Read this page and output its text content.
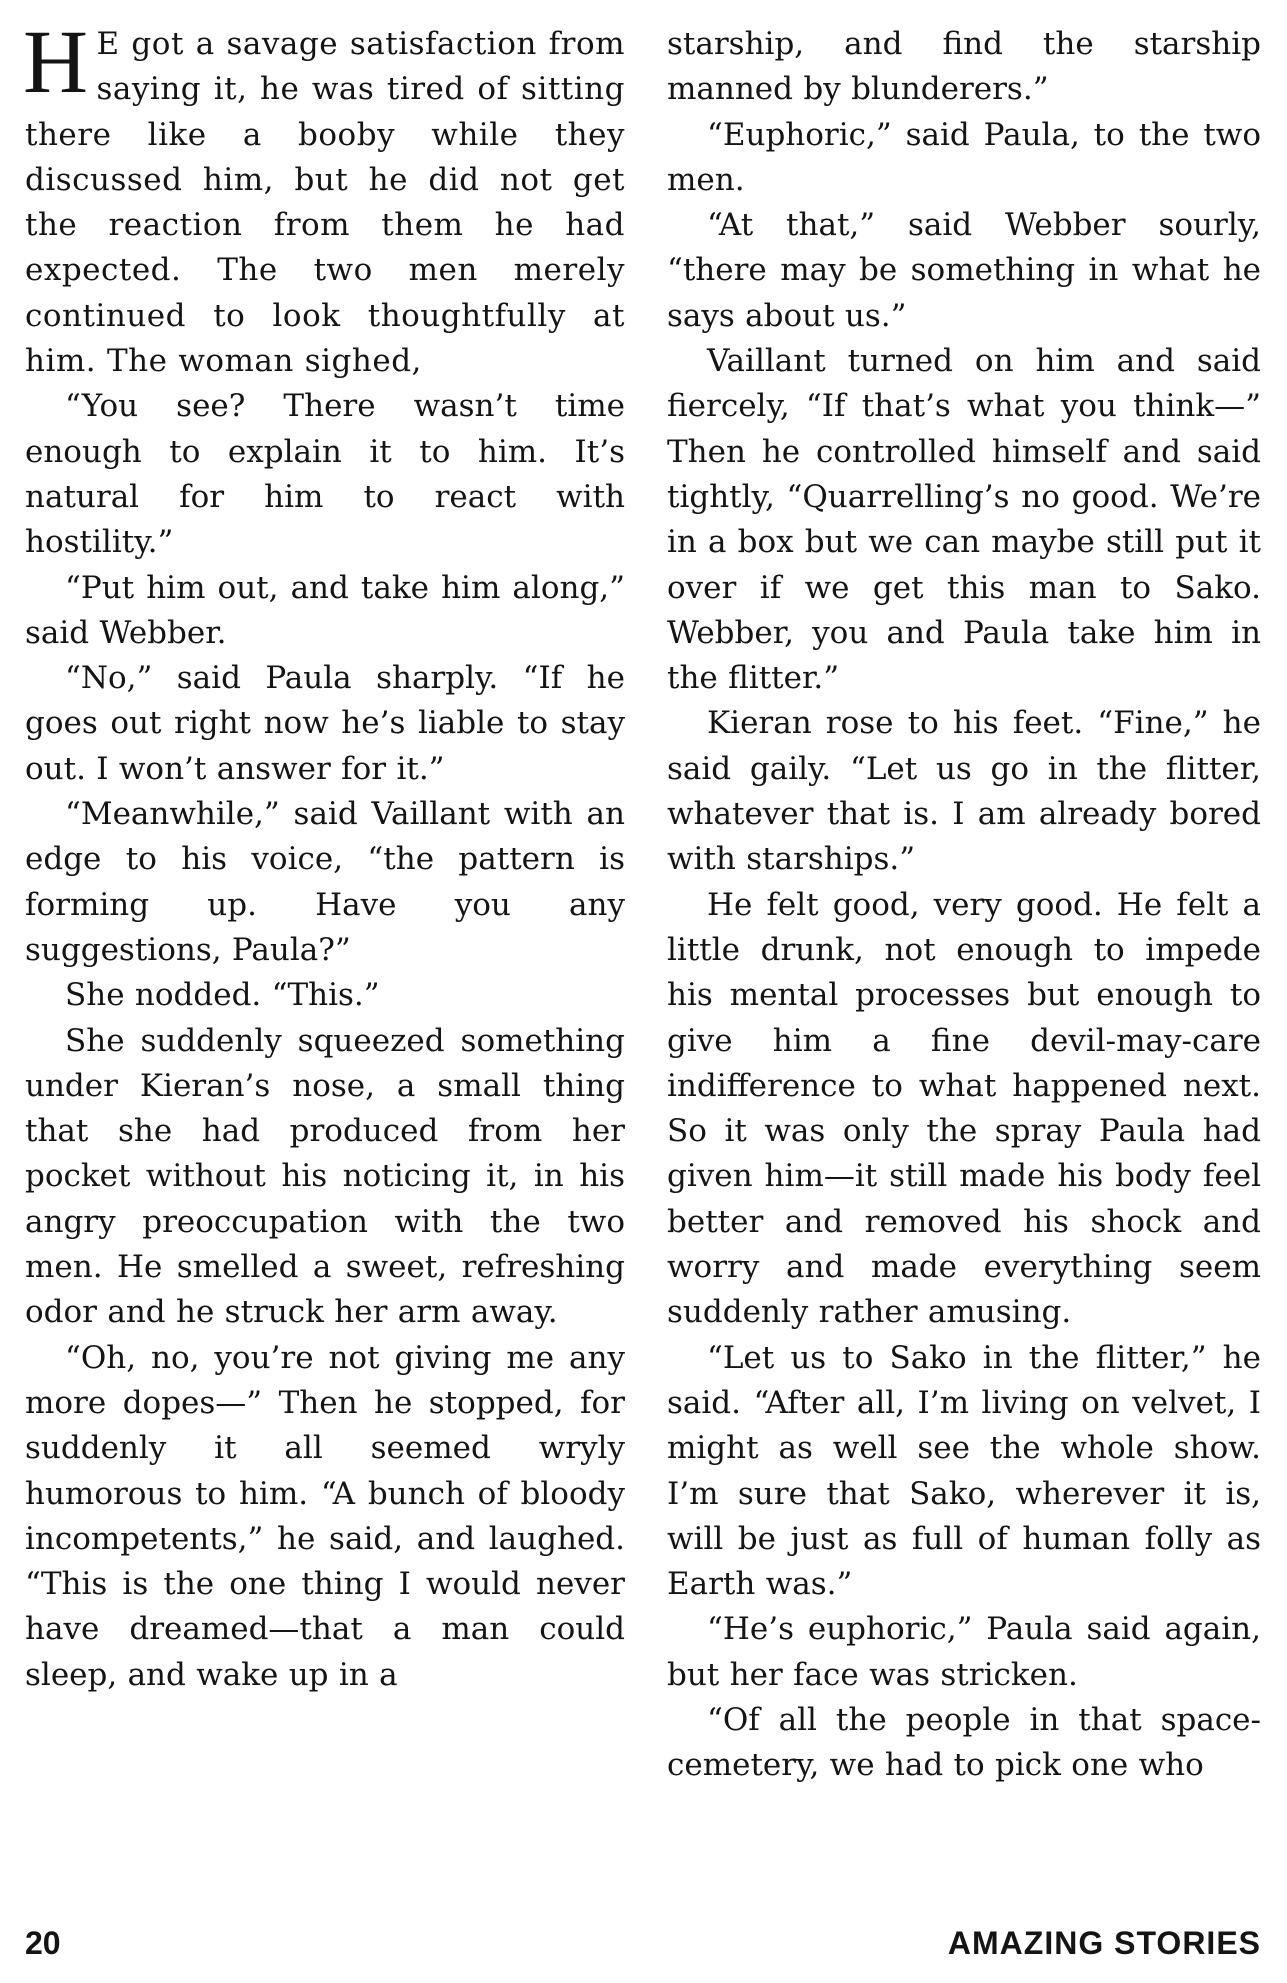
H E got a savage satisfaction from saying it, he was tired of sitting there like a booby while they discussed him, but he did not get the reaction from them he had expected. The two men merely continued to look thoughtfully at him. The woman sighed,

“You see? There wasn’t time enough to explain it to him. It’s natural for him to react with hostility.”

“Put him out, and take him along,” said Webber.

“No,” said Paula sharply. “If he goes out right now he’s liable to stay out. I won’t answer for it.”

“Meanwhile,” said Vaillant with an edge to his voice, “the pattern is forming up. Have you any suggestions, Paula?”

She nodded. “This.”

She suddenly squeezed something under Kieran’s nose, a small thing that she had produced from her pocket without his noticing it, in his angry preoccupation with the two men. He smelled a sweet, refreshing odor and he struck her arm away.

“Oh, no, you’re not giving me any more dopes—” Then he stopped, for suddenly it all seemed wryly humorous to him. “A bunch of bloody incompetents,” he said, and laughed. “This is the one thing I would never have dreamed—that a man could sleep, and wake up in a

starship, and find the starship manned by blunderers.”

“Euphoric,” said Paula, to the two men.

“At that,” said Webber sourly, “there may be something in what he says about us.”

Vaillant turned on him and said fiercely, “If that’s what you think—” Then he controlled himself and said tightly, “Quarrelling’s no good. We’re in a box but we can maybe still put it over if we get this man to Sako. Webber, you and Paula take him in the flitter.”

Kieran rose to his feet. “Fine,” he said gaily. “Let us go in the flitter, whatever that is. I am already bored with starships.”

He felt good, very good. He felt a little drunk, not enough to impede his mental processes but enough to give him a fine devil-may-care indifference to what happened next. So it was only the spray Paula had given him—it still made his body feel better and removed his shock and worry and made everything seem suddenly rather amusing.

“Let us to Sako in the flitter,” he said. “After all, I’m living on velvet, I might as well see the whole show. I’m sure that Sako, wherever it is, will be just as full of human folly as Earth was.”

“He’s euphoric,” Paula said again, but her face was stricken.

“Of all the people in that space-cemetery, we had to pick one who

20	AMAZING STORIES
